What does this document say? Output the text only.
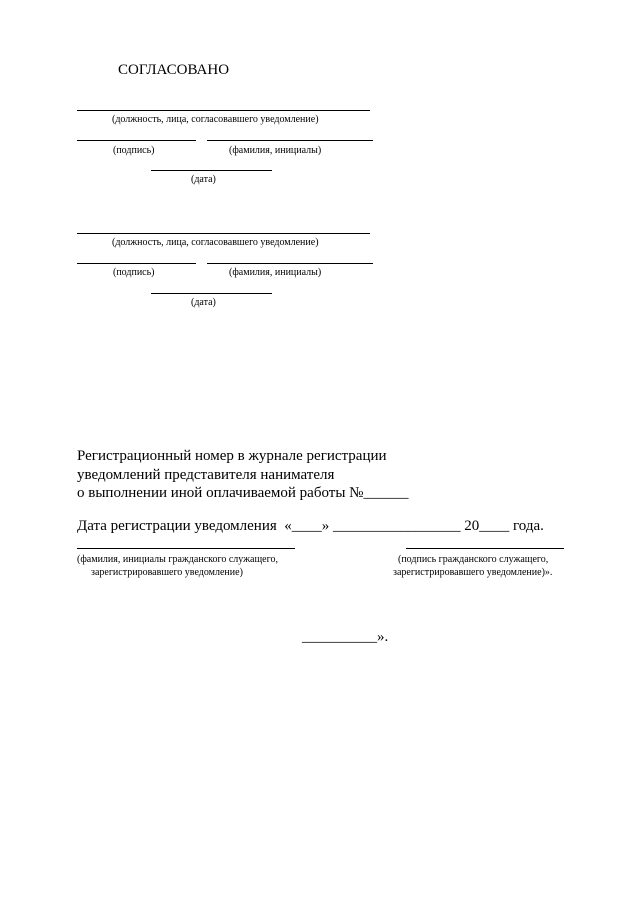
СОГЛАСОВАНО
(должность, лица, согласовавшего уведомление)
(подпись)	(фамилия, инициалы)
(дата)
(должность, лица, согласовавшего уведомление)
(подпись)	(фамилия, инициалы)
(дата)
Регистрационный номер в журнале регистрации
уведомлений представителя нанимателя
о выполнении иной оплачиваемой работы №______
Дата регистрации уведомления  «____» _________________ 20____ года.
(фамилия, инициалы гражданского служащего,
зарегистрировавшего уведомление)
(подпись гражданского служащего,
зарегистрировавшего уведомление)».
__________».
